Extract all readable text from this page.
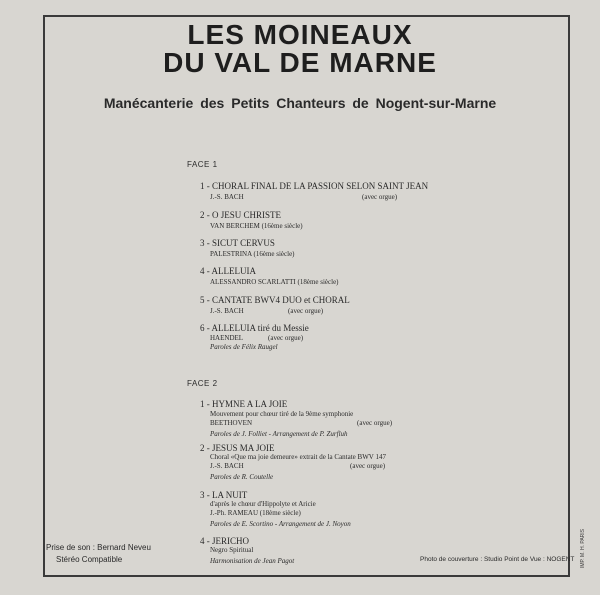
LES MOINEAUX
DU VAL DE MARNE
Manécanterie des Petits Chanteurs de Nogent-sur-Marne
FACE 1
1 - CHORAL FINAL DE LA PASSION SELON SAINT JEAN
J.-S. BACH	(avec orgue)
2 - O JESU CHRISTE
VAN BERCHEM (16ème siècle)
3 - SICUT CERVUS
PALESTRINA (16ème siècle)
4 - ALLELUIA
ALESSANDRO SCARLATTI (18ème siècle)
5 - CANTATE BWV4 DUO et CHORAL
J.-S. BACH	(avec orgue)
6 - ALLELUIA tiré du Messie
HAENDEL	(avec orgue)
Paroles de Félix Raugel
FACE 2
1 - HYMNE A LA JOIE
Mouvement pour chœur tiré de la 9ème symphonie
BEETHOVEN	(avec orgue)
Paroles de J. Folliet - Arrangement de P. Zurfluh
2 - JESUS MA JOIE
Choral «Que ma joie demeure» extrait de la Cantate BWV 147
J.-S. BACH	(avec orgue)
Paroles de R. Coutelle
3 - LA NUIT
d'après le chœur d'Hippolyte et Aricie
J.-Ph. RAMEAU (18ème siècle)
Paroles de E. Scortino - Arrangement de J. Noyon
4 - JERICHO
Negro Spiritual
Harmonisation de Jean Pagot
Prise de son : Bernard Neveu
Stéréo Compatible	Photo de couverture : Studio Point de Vue : NOGENT IMP. M. H. PARIS
